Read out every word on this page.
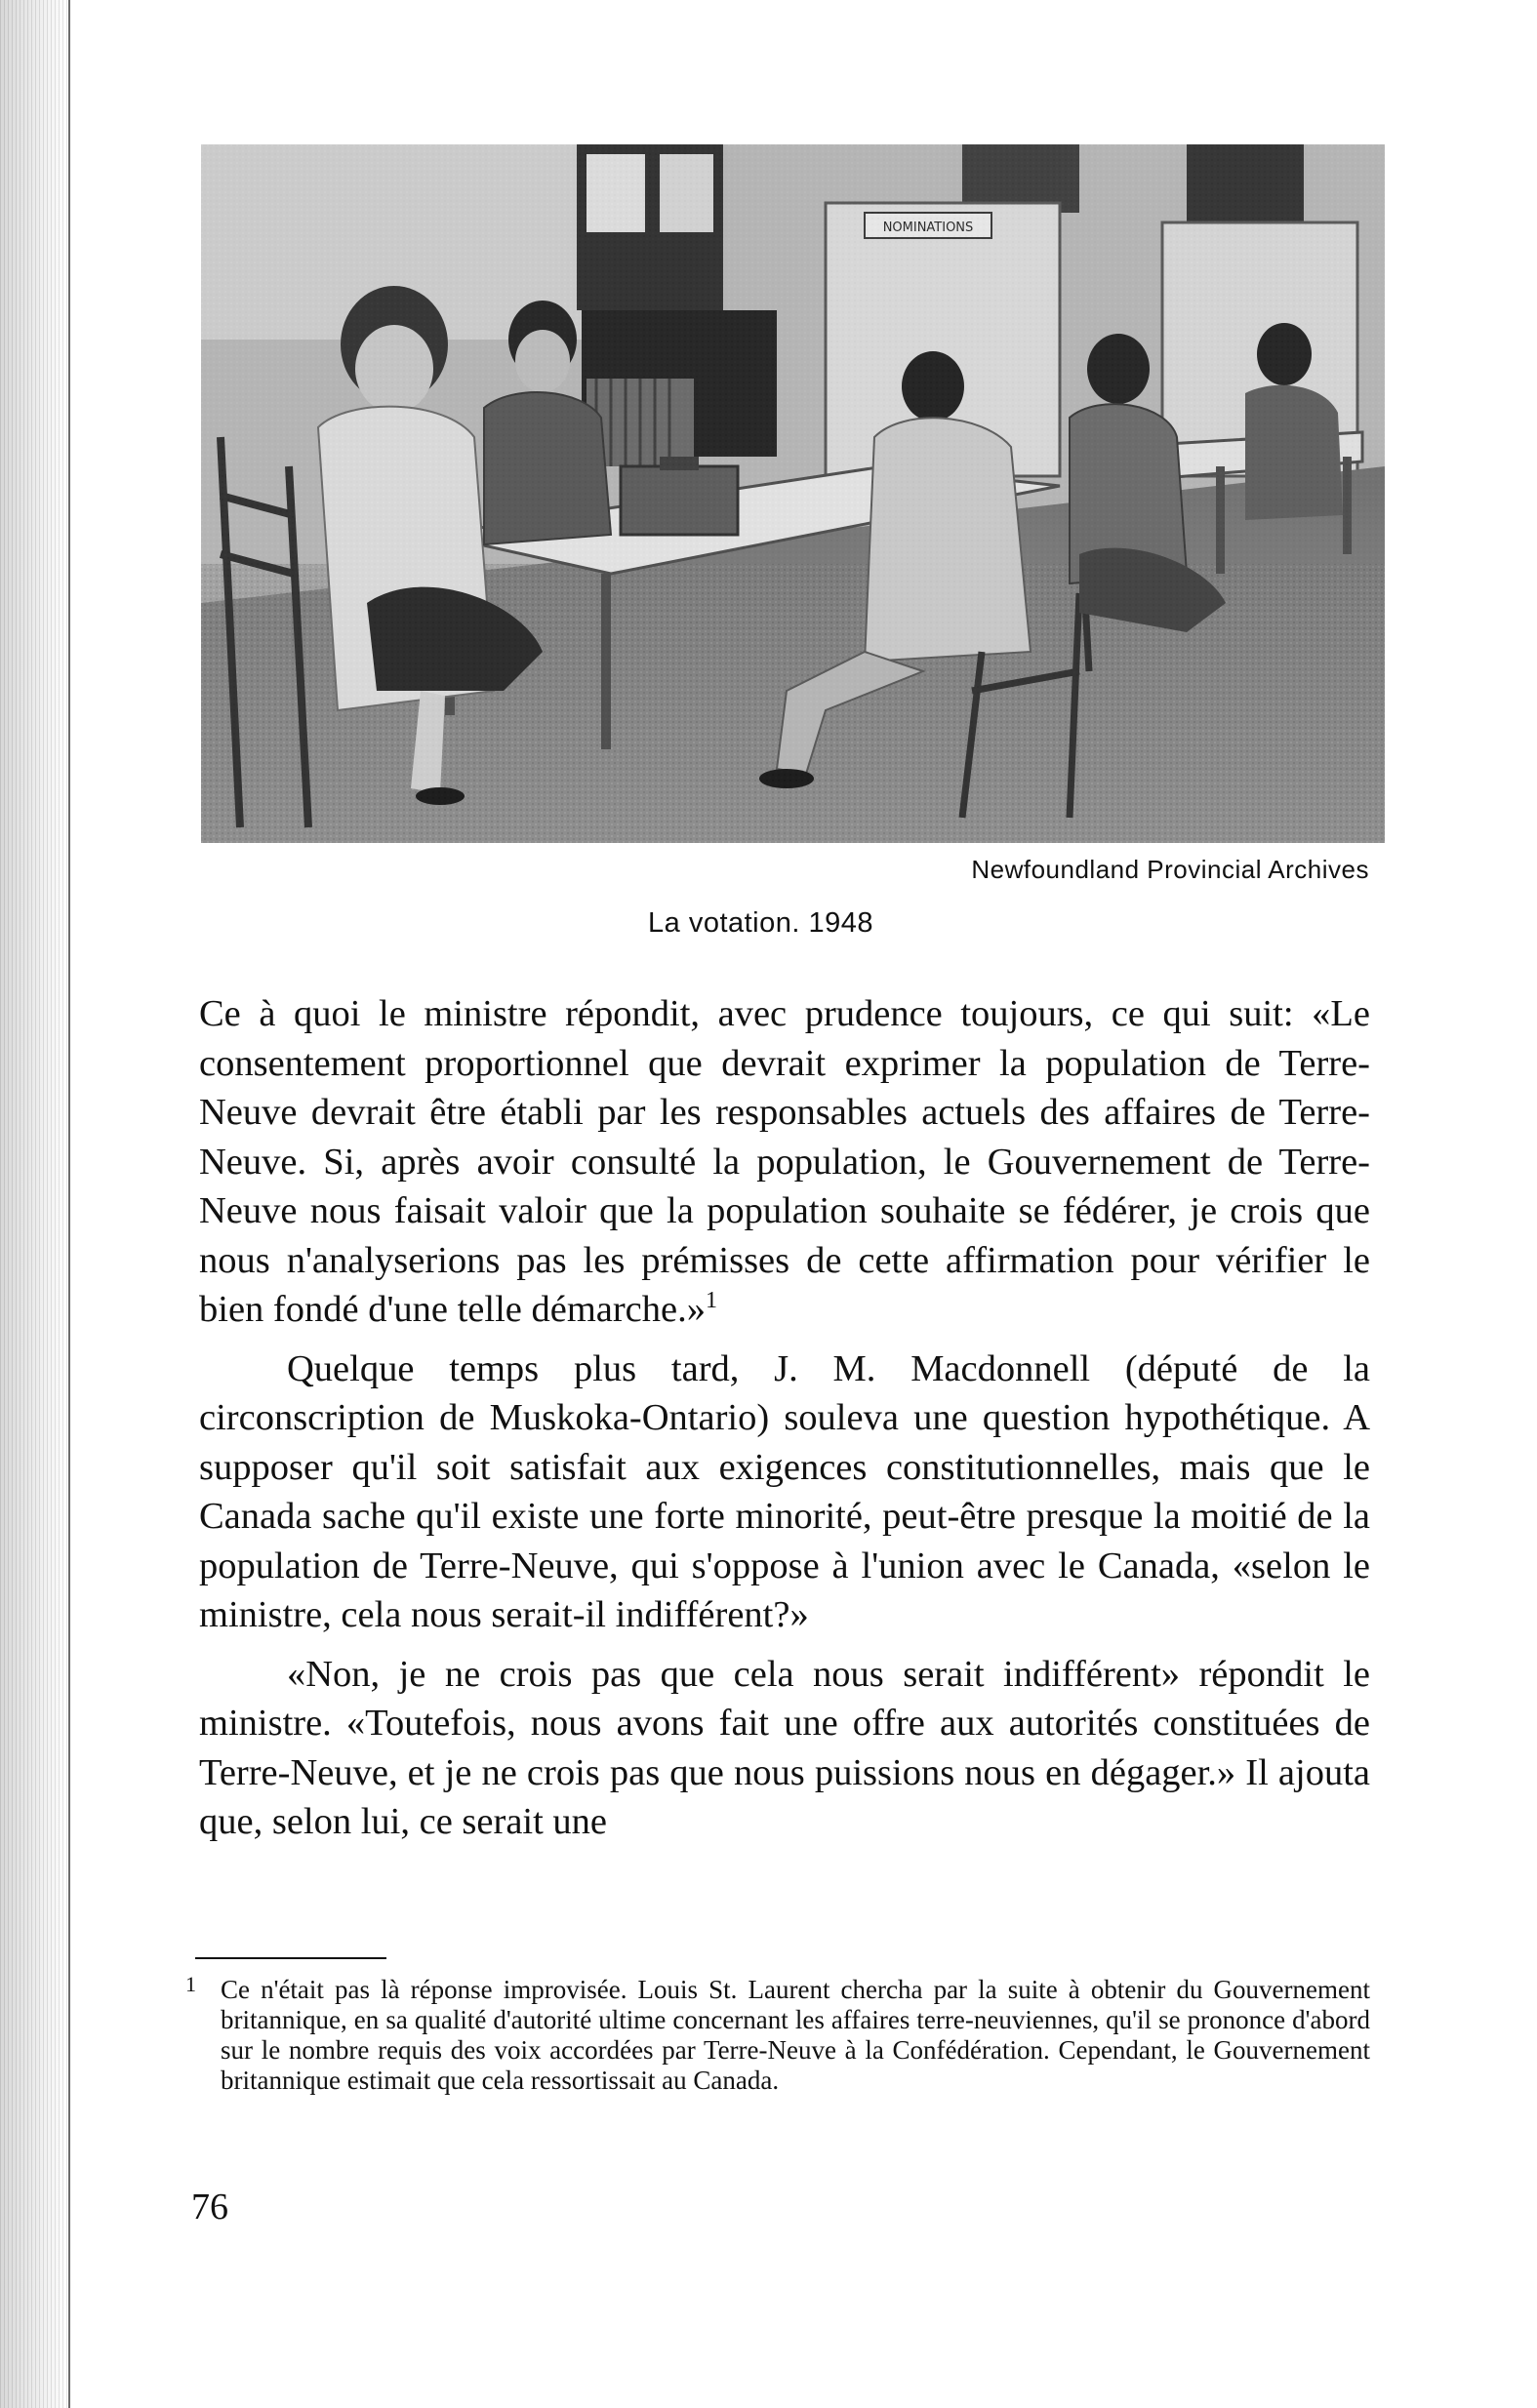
NOMINATIONS
Newfoundland Provincial Archives
La votation. 1948

Ce à quoi le ministre répondit, avec prudence toujours, ce qui suit: «Le consentement proportionnel que devrait exprimer la population de Terre-Neuve devrait être établi par les responsables actuels des affaires de Terre-Neuve. Si, après avoir consulté la population, le Gouvernement de Terre-Neuve nous faisait valoir que la population souhaite se fédérer, je crois que nous n'analyserions pas les prémisses de cette affirmation pour vérifier le bien fondé d'une telle démarche.»$^1$

Quelque temps plus tard, J. M. Macdonnell (député de la circonscription de Muskoka-Ontario) souleva une question hypothétique. A supposer qu'il soit satisfait aux exigences constitutionnelles, mais que le Canada sache qu'il existe une forte minorité, peut-être presque la moitié de la population de Terre-Neuve, qui s'oppose à l'union avec le Canada, «selon le ministre, cela nous serait-il indifférent?»

«Non, je ne crois pas que cela nous serait indifférent» répondit le ministre. «Toutefois, nous avons fait une offre aux autorités constituées de Terre-Neuve, et je ne crois pas que nous puissions nous en dégager.» Il ajouta que, selon lui, ce serait une

1 Ce n'était pas là réponse improvisée. Louis St. Laurent chercha par la suite à obtenir du Gouvernement britannique, en sa qualité d'autorité ultime concernant les affaires terre-neuviennes, qu'il se prononce d'abord sur le nombre requis des voix accordées par Terre-Neuve à la Confédération. Cependant, le Gouvernement britannique estimait que cela ressortissait au Canada.
76
